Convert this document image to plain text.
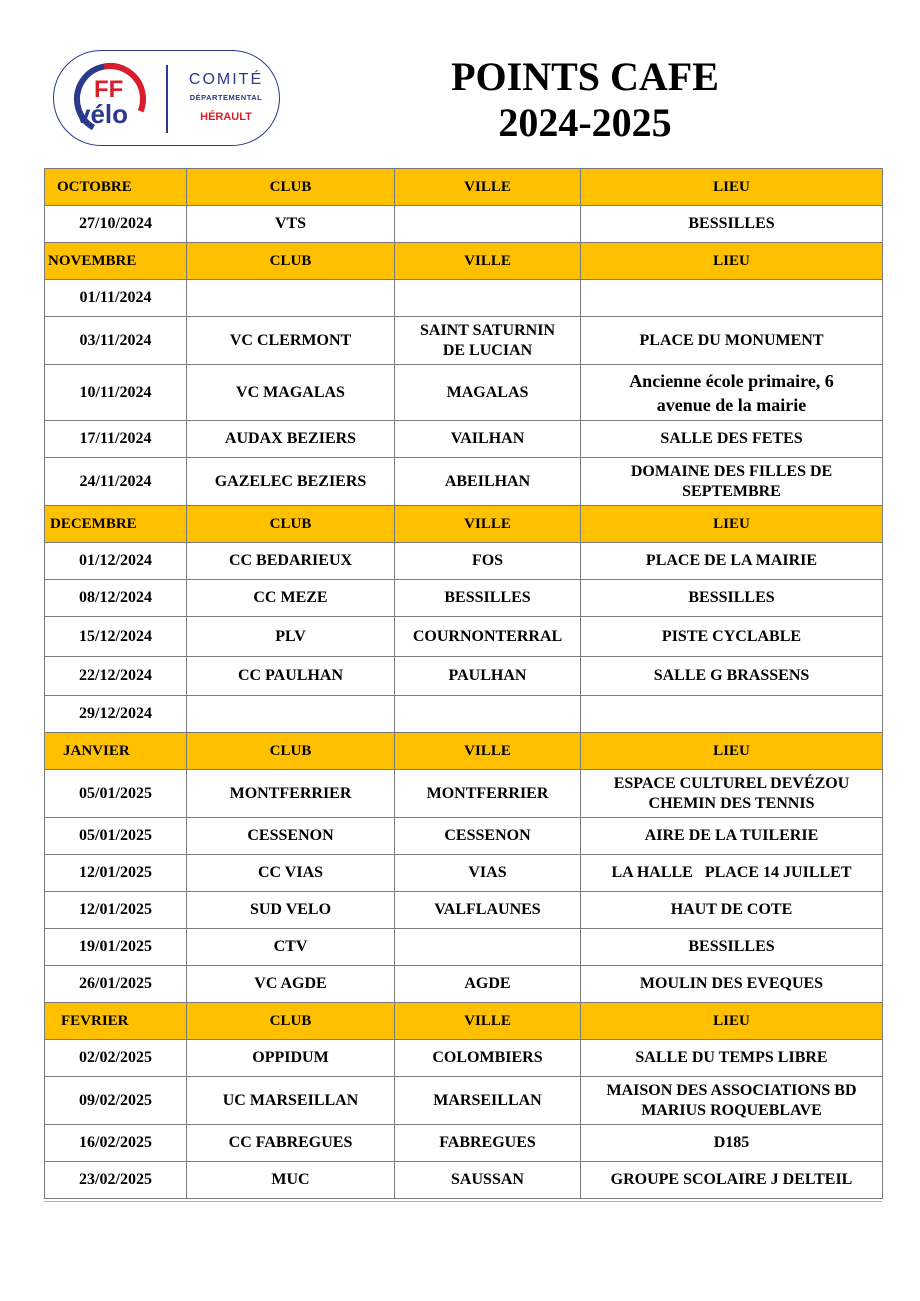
FF
vélo
COMITÉ
DÉPARTEMENTAL
HÉRAULT
POINTS CAFE
2024-2025
OCTOBRE	CLUB	VILLE	LIEU
27/10/2024	VTS		BESSILLES
NOVEMBRE	CLUB	VILLE	LIEU
01/11/2024			
03/11/2024	VC CLERMONT	SAINT SATURNIN DE LUCIAN	PLACE DU MONUMENT
10/11/2024	VC MAGALAS	MAGALAS	Ancienne école primaire, 6 avenue de la mairie
17/11/2024	AUDAX BEZIERS	VAILHAN	SALLE DES FETES
24/11/2024	GAZELEC BEZIERS	ABEILHAN	DOMAINE DES FILLES DE SEPTEMBRE
DECEMBRE	CLUB	VILLE	LIEU
01/12/2024	CC BEDARIEUX	FOS	PLACE DE LA MAIRIE
08/12/2024	CC MEZE	BESSILLES	BESSILLES
15/12/2024	PLV	COURNONTERRAL	PISTE CYCLABLE
22/12/2024	CC PAULHAN	PAULHAN	SALLE G BRASSENS
29/12/2024			
JANVIER	CLUB	VILLE	LIEU
05/01/2025	MONTFERRIER	MONTFERRIER	ESPACE CULTUREL DEVÉZOU CHEMIN DES TENNIS
05/01/2025	CESSENON	CESSENON	AIRE DE LA TUILERIE
12/01/2025	CC VIAS	VIAS	LA HALLE   PLACE 14 JUILLET
12/01/2025	SUD VELO	VALFLAUNES	HAUT DE COTE
19/01/2025	CTV		BESSILLES
26/01/2025	VC AGDE	AGDE	MOULIN DES EVEQUES
FEVRIER	CLUB	VILLE	LIEU
02/02/2025	OPPIDUM	COLOMBIERS	SALLE DU TEMPS LIBRE
09/02/2025	UC MARSEILLAN	MARSEILLAN	MAISON DES ASSOCIATIONS BD MARIUS ROQUEBLAVE
16/02/2025	CC FABREGUES	FABREGUES	D185
23/02/2025	MUC	SAUSSAN	GROUPE SCOLAIRE J DELTEIL
